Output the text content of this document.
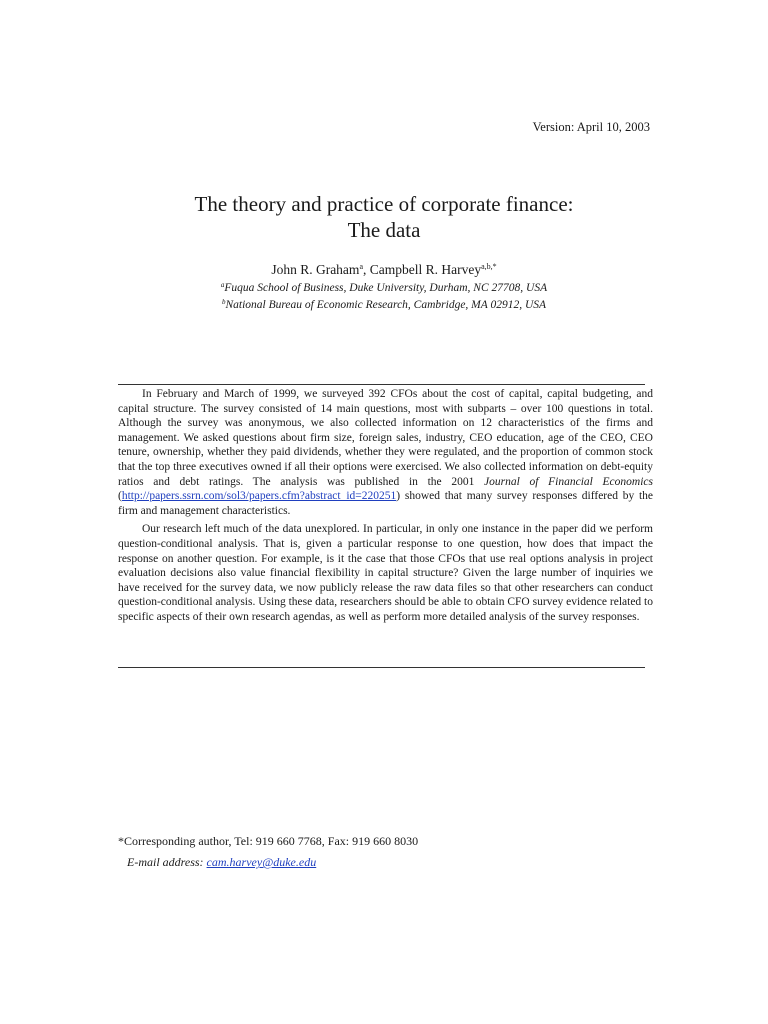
Version: April 10, 2003
The theory and practice of corporate finance:
The data
John R. Graham$^a$, Campbell R. Harvey$^{a,b,*}$
$^a$Fuqua School of Business, Duke University, Durham, NC 27708, USA
$^b$National Bureau of Economic Research, Cambridge, MA 02912, USA

In February and March of 1999, we surveyed 392 CFOs about the cost of capital, capital budgeting, and capital structure. The survey consisted of 14 main questions, most with subparts – over 100 questions in total. Although the survey was anonymous, we also collected information on 12 characteristics of the firms and management. We asked questions about firm size, foreign sales, industry, CEO education, age of the CEO, CEO tenure, ownership, whether they paid dividends, whether they were regulated, and the proportion of common stock that the top three executives owned if all their options were exercised. We also collected information on debt-equity ratios and debt ratings. The analysis was published in the 2001 Journal of Financial Economics (http://papers.ssrn.com/sol3/papers.cfm?abstract_id=220251) showed that many survey responses differed by the firm and management characteristics.

Our research left much of the data unexplored. In particular, in only one instance in the paper did we perform question-conditional analysis. That is, given a particular response to one question, how does that impact the response on another question. For example, is it the case that those CFOs that use real options analysis in project evaluation decisions also value financial flexibility in capital structure? Given the large number of inquiries we have received for the survey data, we now publicly release the raw data files so that other researchers can conduct question-conditional analysis. Using these data, researchers should be able to obtain CFO survey evidence related to specific aspects of their own research agendas, as well as perform more detailed analysis of the survey responses.

*Corresponding author, Tel: 919 660 7768, Fax: 919 660 8030
E-mail address: cam.harvey@duke.edu
